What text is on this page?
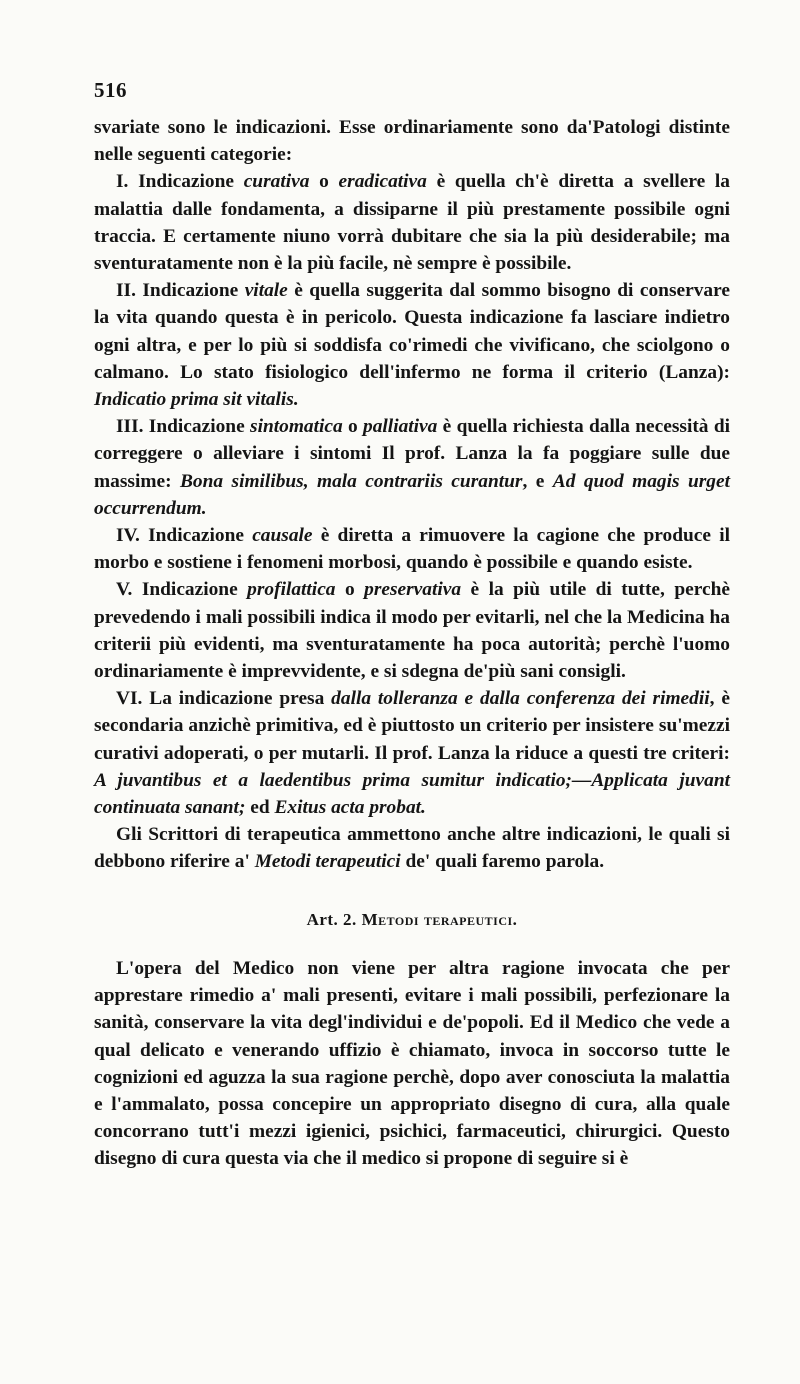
516

svariate sono le indicazioni. Esse ordinariamente sono da'Patologi distinte nelle seguenti categorie:

I. Indicazione curativa o eradicativa è quella ch'è diretta a svellere la malattia dalle fondamenta, a dissiparne il più prestamente possibile ogni traccia. E certamente niuno vorrà dubitare che sia la più desiderabile; ma sventuratamente non è la più facile, nè sempre è possibile.

II. Indicazione vitale è quella suggerita dal sommo bisogno di conservare la vita quando questa è in pericolo. Questa indicazione fa lasciare indietro ogni altra, e per lo più si soddisfa co'rimedi che vivificano, che sciolgono o calmano. Lo stato fisiologico dell'infermo ne forma il criterio (Lanza): Indicatio prima sit vitalis.

III. Indicazione sintomatica o palliativa è quella richiesta dalla necessità di correggere o alleviare i sintomi Il prof. Lanza la fa poggiare sulle due massime: Bona similibus, mala contrariis curantur, e Ad quod magis urget occurrendum.

IV. Indicazione causale è diretta a rimuovere la cagione che produce il morbo e sostiene i fenomeni morbosi, quando è possibile e quando esiste.

V. Indicazione profilattica o preservativa è la più utile di tutte, perchè prevedendo i mali possibili indica il modo per evitarli, nel che la Medicina ha criterii più evidenti, ma sventuratamente ha poca autorità; perchè l'uomo ordinariamente è imprevvidente, e si sdegna de'più sani consigli.

VI. La indicazione presa dalla tolleranza e dalla conferenza dei rimedii, è secondaria anzichè primitiva, ed è piuttosto un criterio per insistere su'mezzi curativi adoperati, o per mutarli. Il prof. Lanza la riduce a questi tre criteri: A juvantibus et a laedentibus prima sumitur indicatio;—Applicata juvant continuata sanant; ed Exitus acta probat.

Gli Scrittori di terapeutica ammettono anche altre indicazioni, le quali si debbono riferire a' Metodi terapeutici de' quali faremo parola.

Art. 2. Metodi terapeutici.

L'opera del Medico non viene per altra ragione invocata che per apprestare rimedio a' mali presenti, evitare i mali possibili, perfezionare la sanità, conservare la vita degl'individui e de'popoli. Ed il Medico che vede a qual delicato e venerando uffizio è chiamato, invoca in soccorso tutte le cognizioni ed aguzza la sua ragione perchè, dopo aver conosciuta la malattia e l'ammalato, possa concepire un appropriato disegno di cura, alla quale concorrano tutt'i mezzi igienici, psichici, farmaceutici, chirurgici. Questo disegno di cura questa via che il medico si propone di seguire si è
